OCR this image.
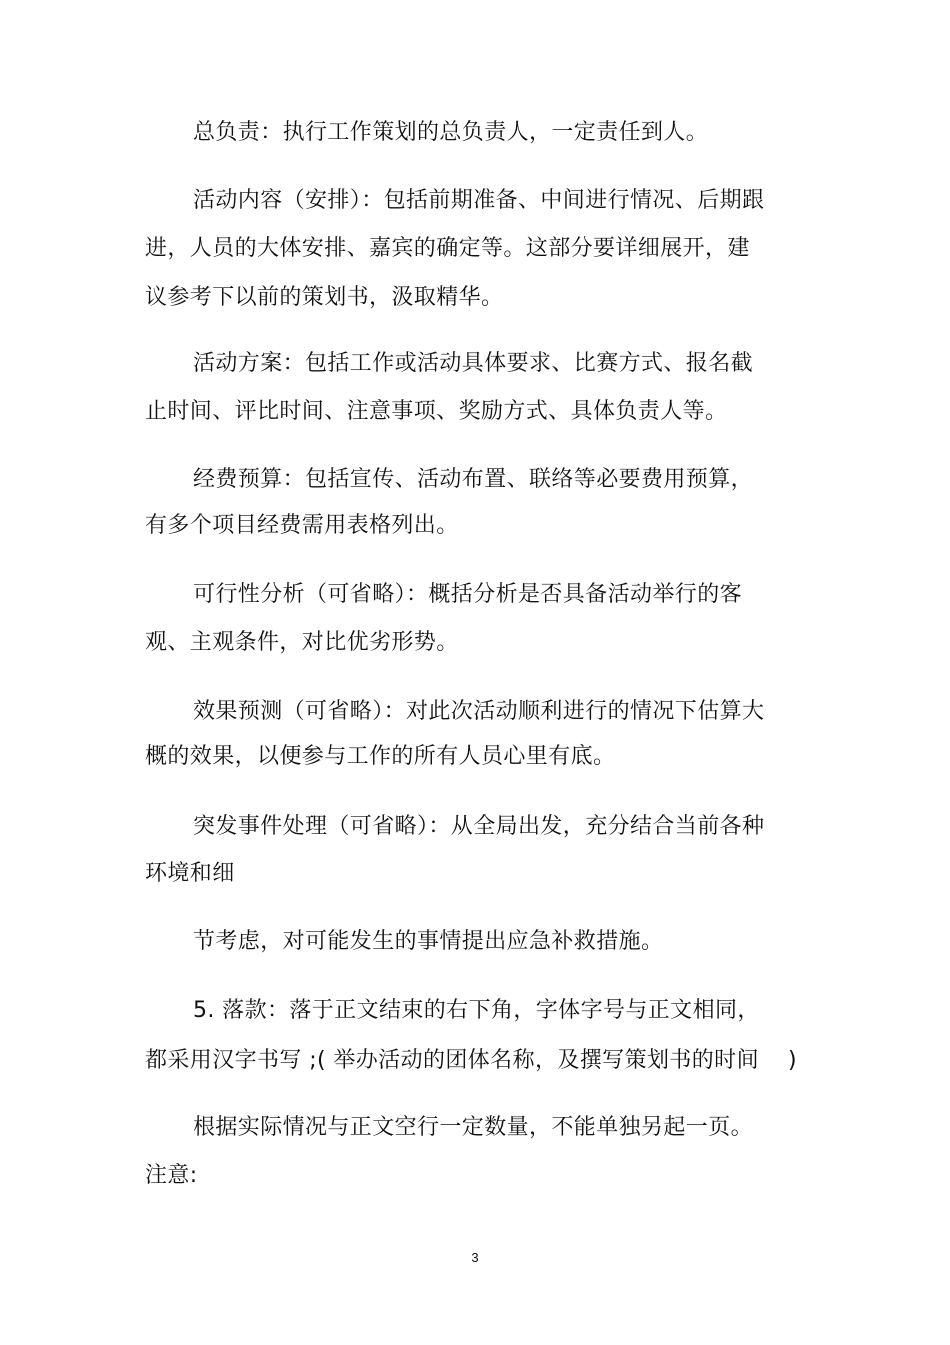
总负责：执行工作策划的总负责人，一定责任到人。
活动内容（安排）：包括前期准备、中间进行情况、后期跟
进，人员的大体安排、嘉宾的确定等。这部分要详细展开，建
议参考下以前的策划书，汲取精华。
活动方案：包括工作或活动具体要求、比赛方式、报名截
止时间、评比时间、注意事项、奖励方式、具体负责人等。
经费预算：包括宣传、活动布置、联络等必要费用预算，
有多个项目经费需用表格列出。
可行性分析（可省略）：概括分析是否具备活动举行的客
观、主观条件，对比优劣形势。
效果预测（可省略）：对此次活动顺利进行的情况下估算大
概的效果，以便参与工作的所有人员心里有底。
突发事件处理（可省略）：从全局出发，充分结合当前各种
环境和细
节考虑，对可能发生的事情提出应急补救措施。
5. 落款：落于正文结束的右下角，字体字号与正文相同，
都采用汉字书写 ;( 举办活动的团体名称，及撰写策划书的时间 )
根据实际情况与正文空行一定数量，不能单独另起一页。
注意:
3
